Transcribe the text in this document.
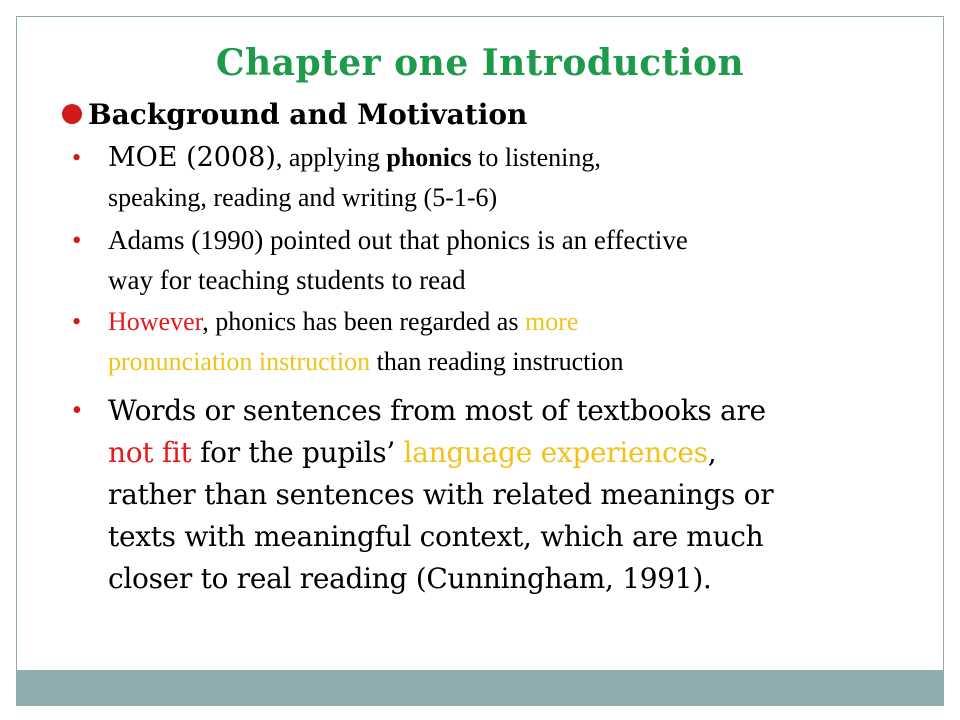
Chapter one Introduction
Background and Motivation
• MOE (2008), applying phonics to listening,
speaking, reading and writing (5-1-6)
• Adams (1990) pointed out that phonics is an effective
way for teaching students to read
• However, phonics has been regarded as more
pronunciation instruction than reading instruction
• Words or sentences from most of textbooks are
not fit for the pupils’ language experiences,
rather than sentences with related meanings or
texts with meaningful context, which are much
closer to real reading (Cunningham, 1991).
